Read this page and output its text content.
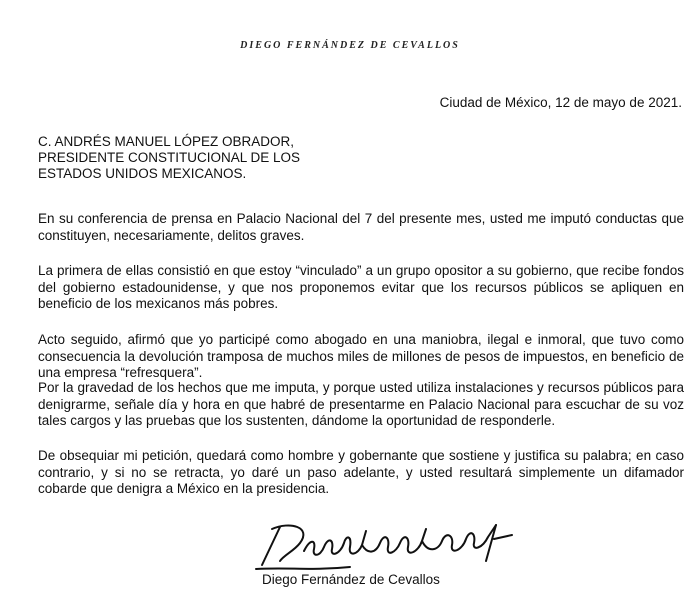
DIEGO FERNÁNDEZ DE CEVALLOS
Ciudad de México, 12 de mayo de 2021.
C. ANDRÉS MANUEL LÓPEZ OBRADOR,
PRESIDENTE CONSTITUCIONAL DE LOS
ESTADOS UNIDOS MEXICANOS.

En su conferencia de prensa en Palacio Nacional del 7 del presente mes, usted me imputó conductas que constituyen, necesariamente, delitos graves.

La primera de ellas consistió en que estoy “vinculado” a un grupo opositor a su gobierno, que recibe fondos del gobierno estadounidense, y que nos proponemos evitar que los recursos públicos se apliquen en beneficio de los mexicanos más pobres.

Acto seguido, afirmó que yo participé como abogado en una maniobra, ilegal e inmoral, que tuvo como consecuencia la devolución tramposa de muchos miles de millones de pesos de impuestos, en beneficio de una empresa “refresquera”.

Por la gravedad de los hechos que me imputa, y porque usted utiliza instalaciones y recursos públicos para denigrarme, señale día y hora en que habré de presentarme en Palacio Nacional para escuchar de su voz tales cargos y las pruebas que los sustenten, dándome la oportunidad de responderle.

De obsequiar mi petición, quedará como hombre y gobernante que sostiene y justifica su palabra; en caso contrario, y si no se retracta, yo daré un paso adelante, y usted resultará simplemente un difamador cobarde que denigra a México en la presidencia.

Diego Fernández de Cevallos
